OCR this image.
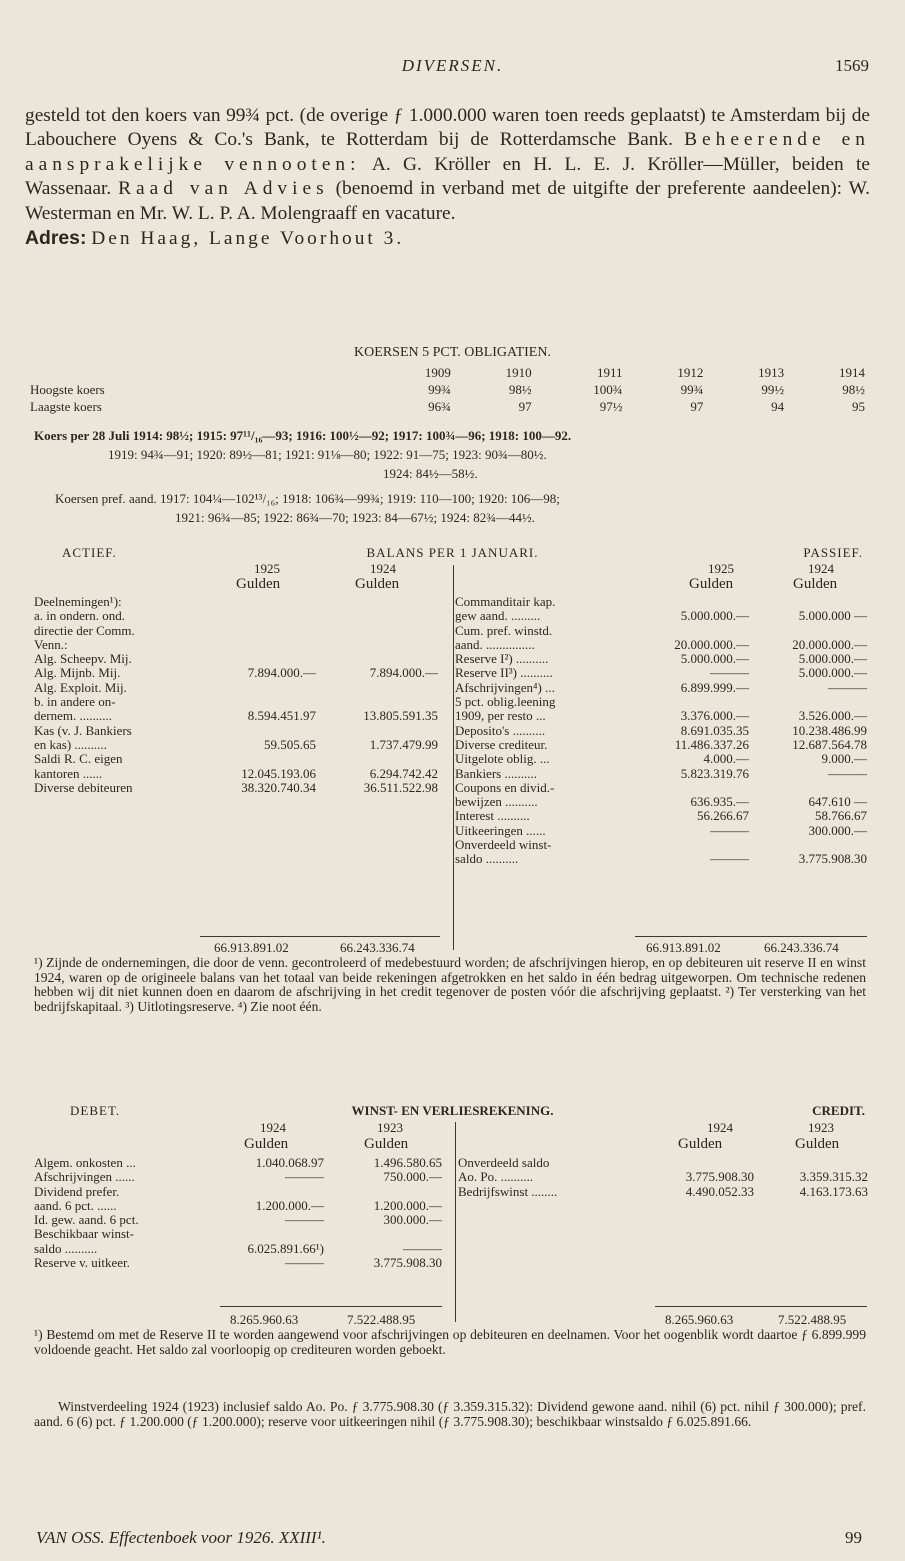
DIVERSEN.	1569

gesteld tot den koers van 99¾ pct. (de overige ƒ 1.000.000 waren toen reeds geplaatst) te Amsterdam bij de Labouchere Oyens & Co.'s Bank, te Rotterdam bij de Rotterdamsche Bank. Beheerende en aansprakelijke vennooten: A. G. Kröller en H. L. E. J. Kröller—Müller, beiden te Wassenaar. Raad van Advies (benoemd in verband met de uitgifte der preferente aandeelen): W. Westerman en Mr. W. L. P. A. Molengraaff en vacature.

Adres: Den Haag, Lange Voorhout 3.

KOERSEN 5 PCT. OBLIGATIEN.
	1909	1910	1911	1912	1913	1914
Hoogste koers	99¾	98½	100¾	99¾	99½	98½
Laagste koers	96¾	97	97½	97	94	95
Koers per 28 Juli 1914: 98½; 1915: 97¹¹/₁₆—93; 1916: 100½—92; 1917: 100¾—96; 1918: 100—92.
1919: 94¾—91; 1920: 89½—81; 1921: 91⅛—80; 1922: 91—75; 1923: 90¾—80½.
1924: 84½—58½.
Koersen pref. aand. 1917: 104¼—102¹³/₁₆; 1918: 106¾—99¾; 1919: 110—100; 1920: 106—98;
1921: 96¾—85; 1922: 86¾—70; 1923: 84—67½; 1924: 82¾—44½.
ACTIEF.	BALANS PER 1 JANUARI.	PASSIEF.
1925	1924	1925	1924
Gulden	Gulden	Gulden	Gulden
Deelnemingen¹):
a. in ondern. ond.
directie der Comm.
Venn.:
Alg. Scheepv. Mij.
Alg. Mijnb. Mij.	7.894.000.—	7.894.000.—
Alg. Exploit. Mij.
b. in andere on-
dernem. ..........	8.594.451.97	13.805.591.35
Kas (v. J. Bankiers
en kas) ..........	59.505.65	1.737.479.99
Saldi R. C. eigen
kantoren ......	12.045.193.06	6.294.742.42
Diverse debiteuren	38.320.740.34	36.511.522.98
Commanditair kap.
gew aand. .........	5.000.000.—	5.000.000 —
Cum. pref. winstd.
aand. ...............	20.000.000.—	20.000.000.—
Reserve I²) ..........	5.000.000.—	5.000.000.—
Reserve II³) ..........	———	5.000.000.—
Afschrijvingen⁴) ...	6.899.999.—	———
5 pct. oblig.leening
1909, per resto ...	3.376.000.—	3.526.000.—
Deposito's ..........	8.691.035.35	10.238.486.99
Diverse crediteur.	11.486.337.26	12.687.564.78
Uitgelote oblig. ...	4.000.—	9.000.—
Bankiers ..........	5.823.319.76	———
Coupons en divid.-
bewijzen ..........	636.935.—	647.610 —
Interest ..........	56.266.67	58.766.67
Uitkeeringen ......	———	300.000.—
Onverdeeld winst-
saldo ..........	———	3.775.908.30
66.913.891.02	66.243.336.74	66.913.891.02	66.243.336.74

¹) Zijnde de ondernemingen, die door de venn. gecontroleerd of medebestuurd worden; de afschrijvingen hierop, en op debiteuren uit reserve II en winst 1924, waren op de origineele balans van het totaal van beide rekeningen afgetrokken en het saldo in één bedrag uitgeworpen. Om technische redenen hebben wij dit niet kunnen doen en daarom de afschrijving in het credit tegenover de posten vóór die afschrijving geplaatst. ²) Ter versterking van het bedrijfskapitaal. ³) Uitlotingsreserve. ⁴) Zie noot één.

DEBET.	WINST- EN VERLIESREKENING.	CREDIT.
1924	1923	1924	1923
Gulden	Gulden	Gulden	Gulden
Algem. onkosten ...	1.040.068.97	1.496.580.65
Afschrijvingen ......	———	750.000.—
Dividend prefer.
aand. 6 pct. ......	1.200.000.—	1.200.000.—
Id. gew. aand. 6 pct.	———	300.000.—
Beschikbaar winst-
saldo ..........	6.025.891.66¹)	———
Reserve v. uitkeer.	———	3.775.908.30
Onverdeeld saldo
Ao. Po. ..........	3.775.908.30	3.359.315.32
Bedrijfswinst ........	4.490.052.33	4.163.173.63
8.265.960.63	7.522.488.95	8.265.960.63	7.522.488.95

¹) Bestemd om met de Reserve II te worden aangewend voor afschrijvingen op debiteuren en deelnamen. Voor het oogenblik wordt daartoe ƒ 6.899.999 voldoende geacht. Het saldo zal voorloopig op crediteuren worden geboekt.

Winstverdeeling 1924 (1923) inclusief saldo Ao. Po. ƒ 3.775.908.30 (ƒ 3.359.315.32): Dividend gewone aand. nihil (6) pct. nihil ƒ 300.000); pref. aand. 6 (6) pct. ƒ 1.200.000 (ƒ 1.200.000); reserve voor uitkeeringen nihil (ƒ 3.775.908.30); beschikbaar winstsaldo ƒ 6.025.891.66.

VAN OSS. Effectenboek voor 1926. XXIII¹.	99
